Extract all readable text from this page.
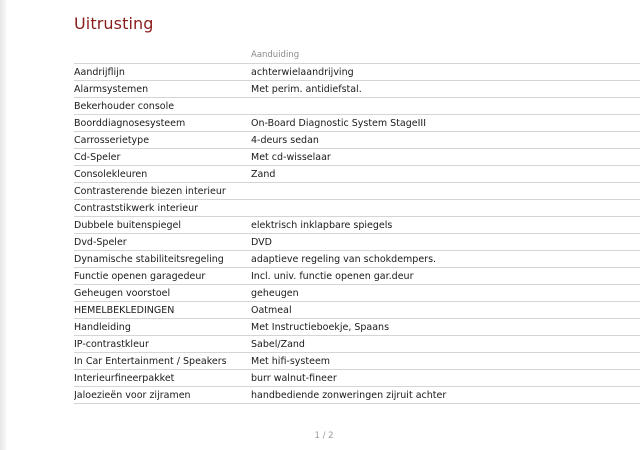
Uitrusting
	Aanduiding
Aandrijflijn	achterwielaandrijving
Alarmsystemen	Met perim. antidiefstal.
Bekerhouder console	
Boorddiagnosesysteem	On-Board Diagnostic System StageIII
Carrosserietype	4-deurs sedan
Cd-Speler	Met cd-wisselaar
Consolekleuren	Zand
Contrasterende biezen interieur	
Contraststikwerk interieur	
Dubbele buitenspiegel	elektrisch inklapbare spiegels
Dvd-Speler	DVD
Dynamische stabiliteitsregeling	adaptieve regeling van schokdempers.
Functie openen garagedeur	Incl. univ. functie openen gar.deur
Geheugen voorstoel	geheugen
HEMELBEKLEDINGEN	Oatmeal
Handleiding	Met Instructieboekje, Spaans
IP-contrastkleur	Sabel/Zand
In Car Entertainment / Speakers	Met hifi-systeem
Interieurfineerpakket	burr walnut-fineer
Jaloezieën voor zijramen	handbediende zonweringen zijruit achter
1 / 2
